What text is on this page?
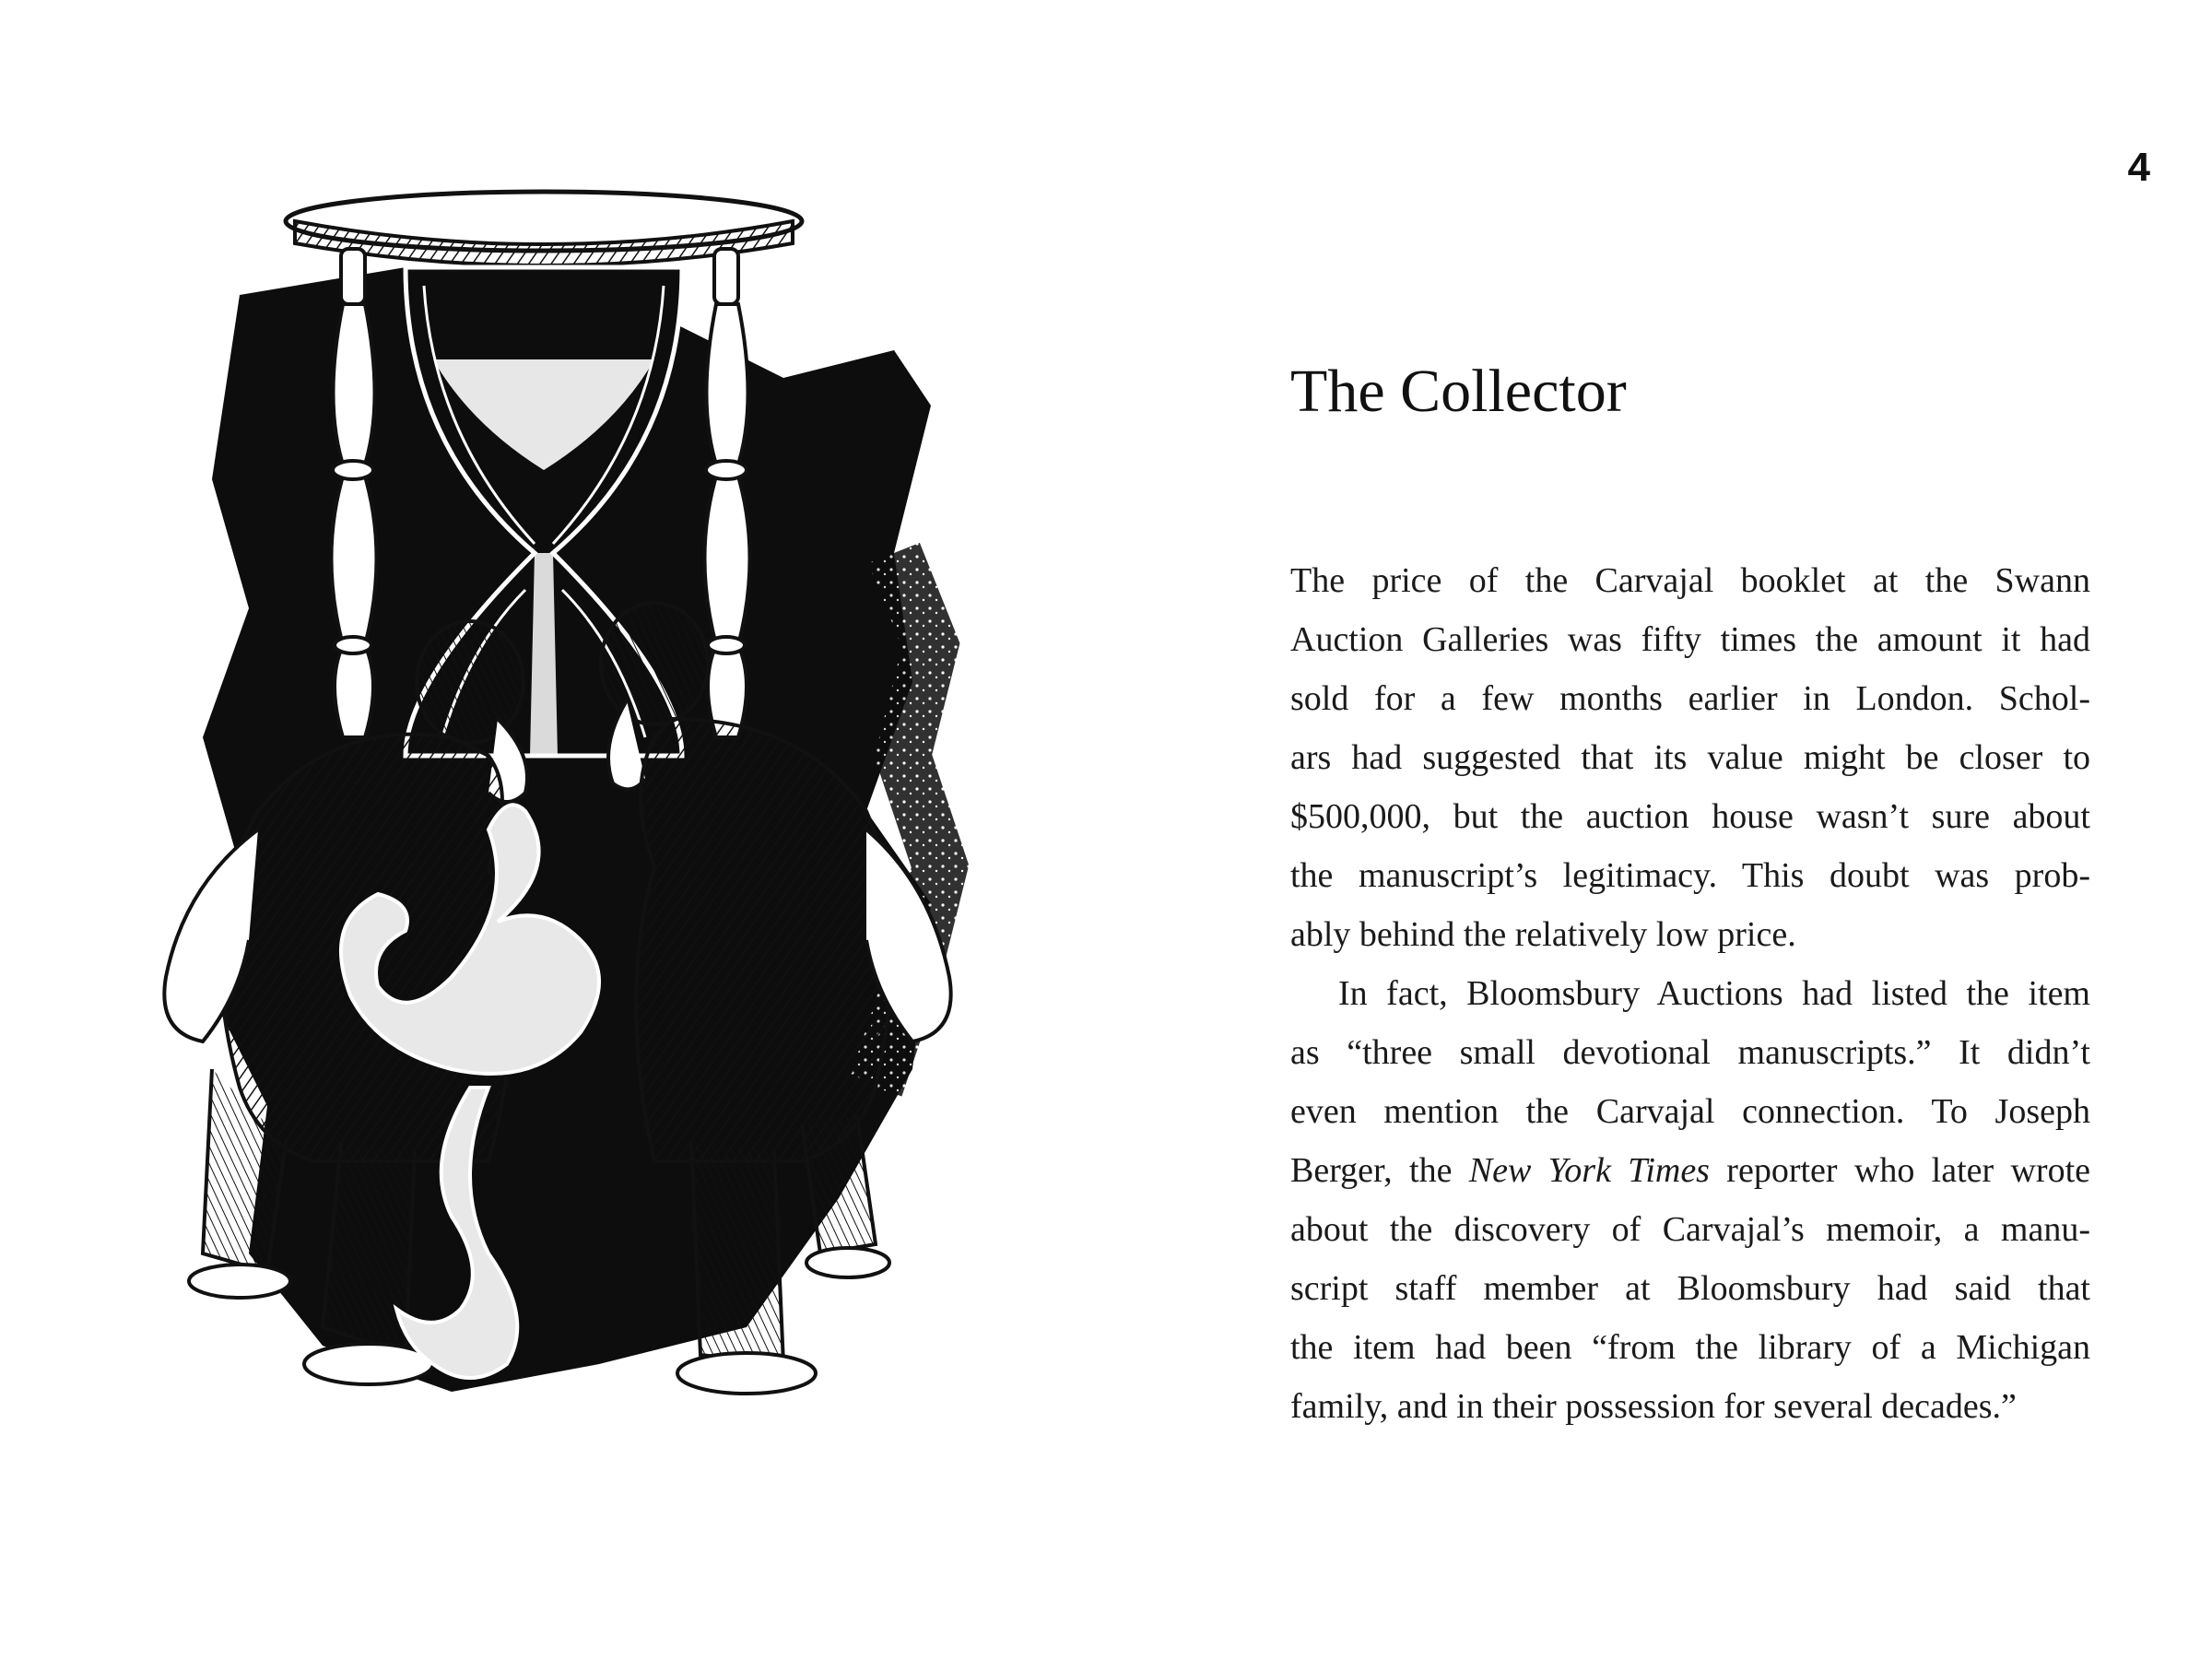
4
The Collector

The price of the Carvajal booklet at the Swann
Auction Galleries was fifty times the amount it had
sold for a few months earlier in London. Schol-
ars had suggested that its value might be closer to
$500,000, but the auction house wasn’t sure about
the manuscript’s legitimacy. This doubt was prob-
ably behind the relatively low price.

In fact, Bloomsbury Auctions had listed the item
as “three small devotional manuscripts.” It didn’t
even mention the Carvajal connection. To Joseph
Berger, the New York Times reporter who later wrote
about the discovery of Carvajal’s memoir, a manu-
script staff member at Bloomsbury had said that
the item had been “from the library of a Michigan
family, and in their possession for several decades.”
